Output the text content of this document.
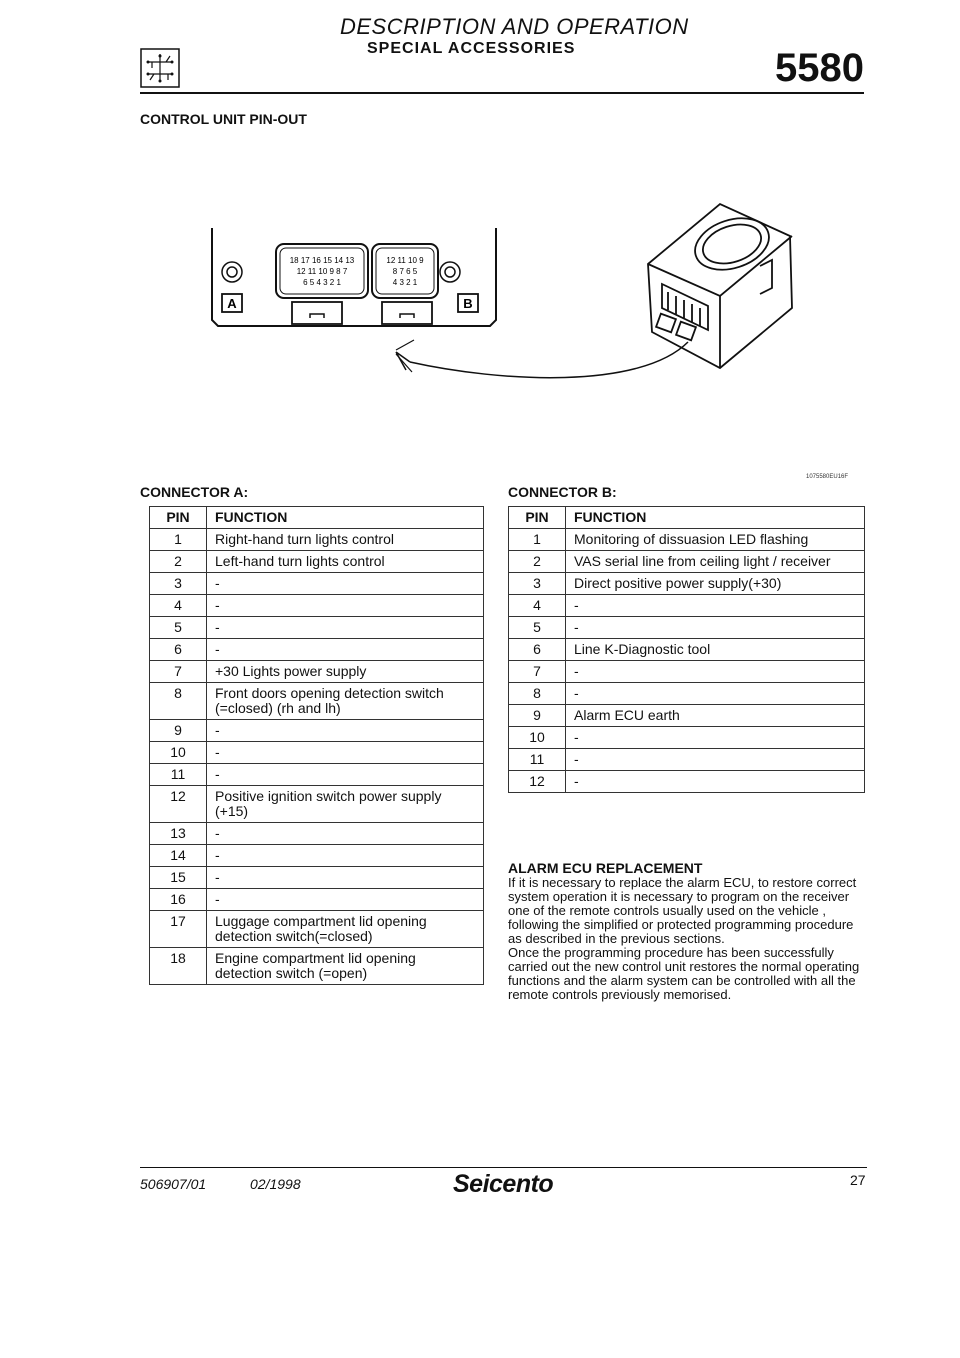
DESCRIPTION AND OPERATION
SPECIAL ACCESSORIES	5580
CONTROL UNIT PIN-OUT
18 17 16 15 14 13
12 11 10 9 8 7
6 5 4 3 2 1
12 11 10 9
8 7 6 5
4 3 2 1
A	B
1075580EU16F
CONNECTOR A:
PIN	FUNCTION
1	Right-hand turn lights control
2	Left-hand turn lights control
3	-
4	-
5	-
6	-
7	+30 Lights power supply
8	Front doors opening detection switch (=closed) (rh and lh)
9	-
10	-
11	-
12	Positive ignition switch power supply (+15)
13	-
14	-
15	-
16	-
17	Luggage compartment lid opening detection switch(=closed)
18	Engine compartment lid opening detection switch (=open)
CONNECTOR B:
PIN	FUNCTION
1	Monitoring of dissuasion LED flashing
2	VAS serial line from ceiling light / receiver
3	Direct positive power supply(+30)
4	-
5	-
6	Line K-Diagnostic tool
7	-
8	-
9	Alarm ECU earth
10	-
11	-
12	-
ALARM ECU REPLACEMENT
If it is necessary to replace the alarm ECU, to restore correct system operation it is necessary to program on the receiver one of the remote controls usually used on the vehicle , following the simplified or protected programming procedure as described in the previous sections.
Once the programming procedure has been successfully carried out the new control unit restores the normal operating functions and the alarm system can be controlled with all the remote controls previously memorised.
506907/01	02/1998	Seicento	27
